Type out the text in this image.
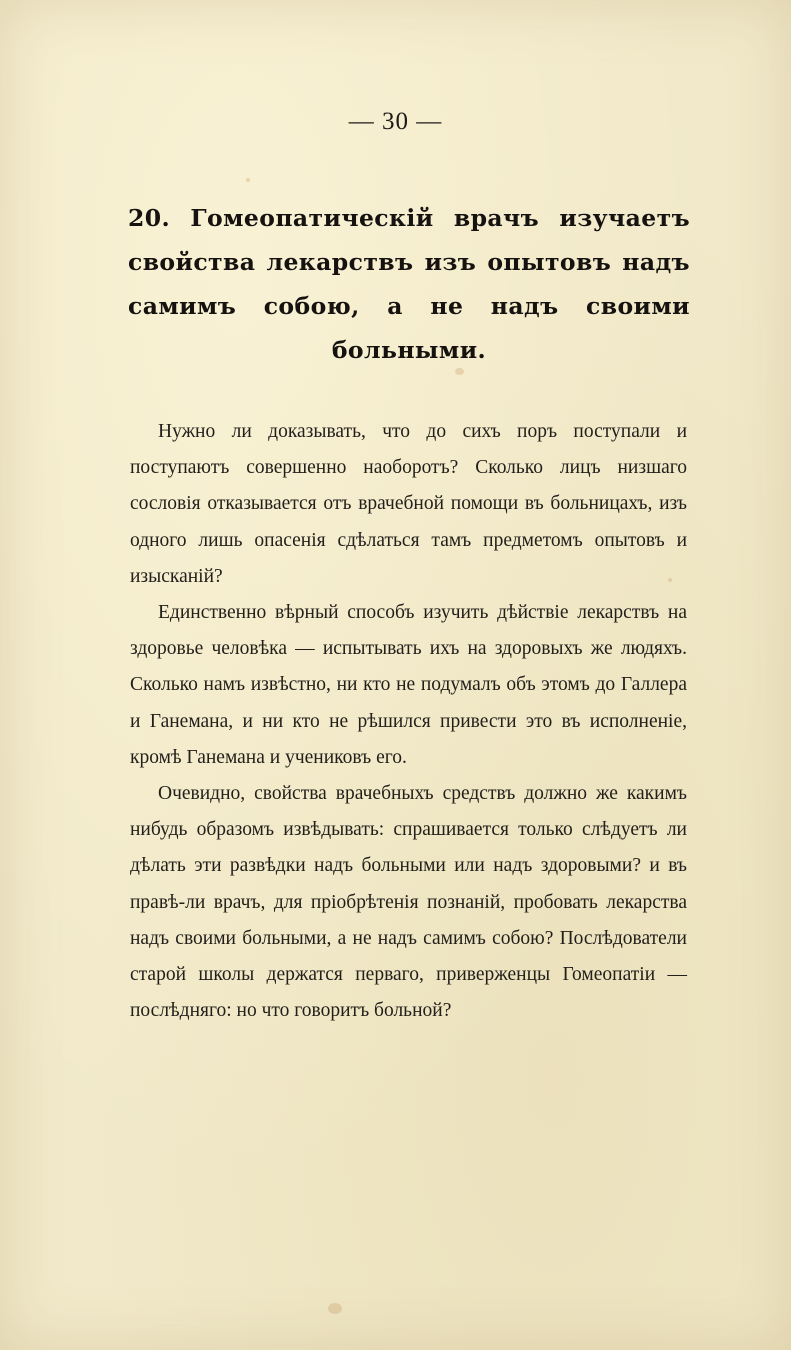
— 30 —
20. Гомеопатическій врачъ изучаетъ свойства лекарствъ изъ опытовъ надъ самимъ собою, а не надъ своими больными.

Нужно ли доказывать, что до сихъ поръ поступали и поступаютъ совершенно наоборотъ? Сколько лицъ низшаго сословія отказывается отъ врачебной помощи въ больницахъ, изъ одного лишь опасенія сдѣлаться тамъ предметомъ опытовъ и изысканій?

Единственно вѣрный способъ изучить дѣйствіе лекарствъ на здоровье человѣка — испытывать ихъ на здоровыхъ же людяхъ. Сколько намъ извѣстно, ни кто не подумалъ объ этомъ до Галлера и Ганемана, и ни кто не рѣшился привести это въ исполненіе, кромѣ Ганемана и учениковъ его.

Очевидно, свойства врачебныхъ средствъ должно же какимъ нибудь образомъ извѣдывать: спрашивается только слѣдуетъ ли дѣлать эти развѣдки надъ больными или надъ здоровыми? и въ правѣ-ли врачъ, для пріобрѣтенія познаній, пробовать лекарства надъ своими больными, а не надъ самимъ собою? Послѣдователи старой школы держатся перваго, приверженцы Гомеопатіи — послѣдняго: но что говоритъ больной?
